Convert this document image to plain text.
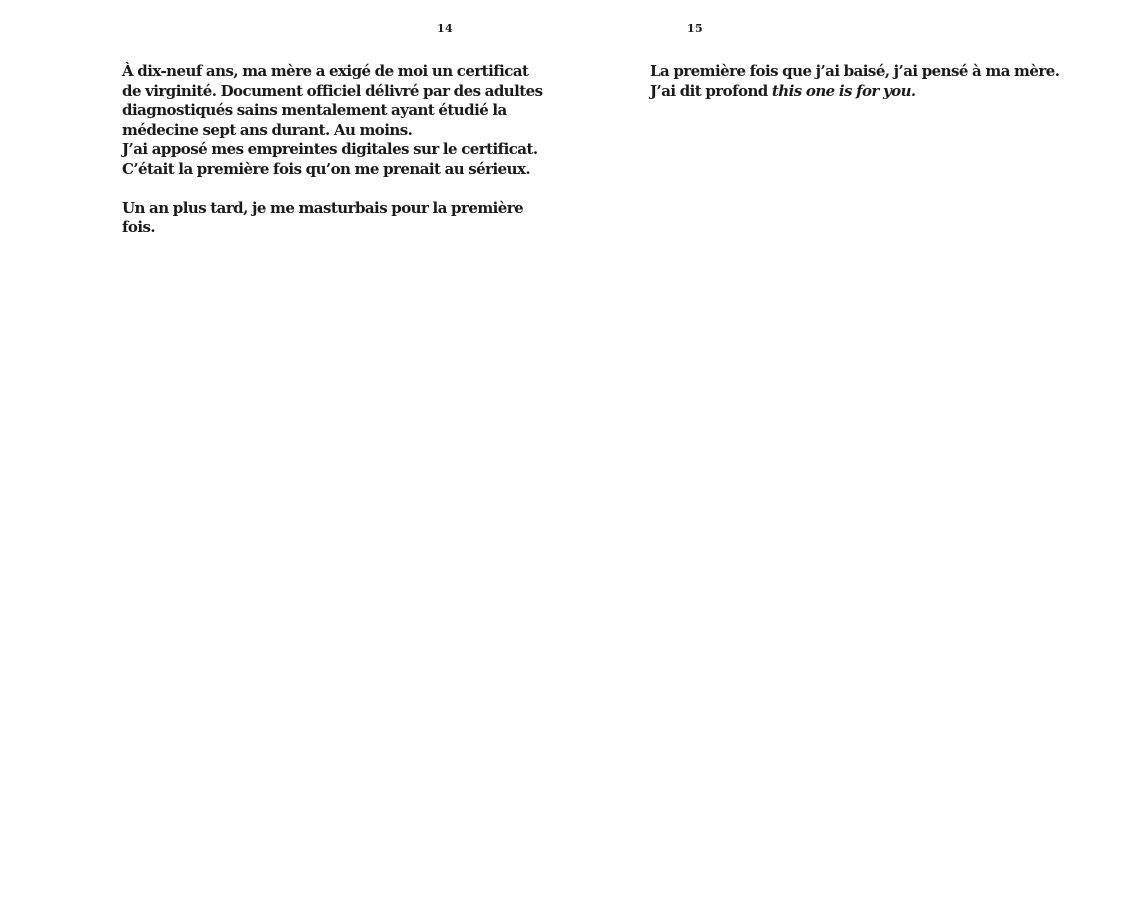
14

À dix-neuf ans, ma mère a exigé de moi un certificat
de virginité. Document officiel délivré par des adultes
diagnostiqués sains mentalement ayant étudié la
médecine sept ans durant. Au moins.
J’ai apposé mes empreintes digitales sur le certificat.
C’était la première fois qu’on me prenait au sérieux.

Un an plus tard, je me masturbais pour la première
fois.

15

La première fois que j’ai baisé, j’ai pensé à ma mère.
J’ai dit profond this one is for you.
